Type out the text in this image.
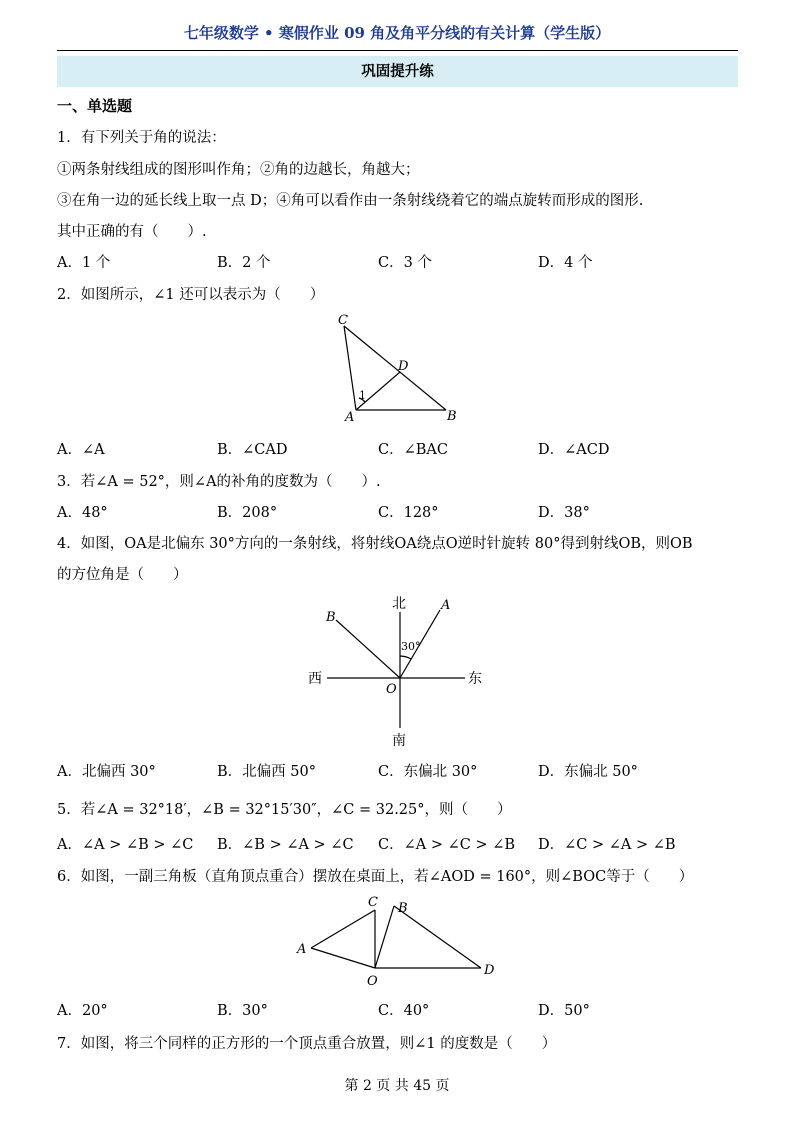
七年级数学 • 寒假作业 09 角及角平分线的有关计算（学生版）
巩固提升练
一、单选题
1．有下列关于角的说法：
①两条射线组成的图形叫作角；②角的边越长，角越大；
③在角一边的延长线上取一点 D；④角可以看作由一条射线绕着它的端点旋转而形成的图形.
其中正确的有（　　）.
A．1 个	B．2 个	C．3 个	D．4 个
2．如图所示，∠1 还可以表示为（　　）
C
D
A	B
1
A．∠A	B．∠CAD	C．∠BAC	D．∠ACD
3．若∠A = 52°，则∠A的补角的度数为（　　）.
A．48°	B．208°	C．128°	D．38°
4．如图，OA是北偏东 30°方向的一条射线，将射线OA绕点O逆时针旋转 80°得到射线OB，则OB
的方位角是（　　）
北
南
西	东
A
B
O
30°
A．北偏西 30°	B．北偏西 50°	C．东偏北 30°	D．东偏北 50°
5．若∠A = 32°18′，∠B = 32°15′30″，∠C = 32.25°，则（　　）
A．∠A > ∠B > ∠C B．∠B > ∠A > ∠C C．∠A > ∠C > ∠B D．∠C > ∠A > ∠B
6．如图，一副三角板（直角顶点重合）摆放在桌面上，若∠AOD = 160°，则∠BOC等于（　　）
C B
A
D
O
A．20°	B．30°	C．40°	D．50°
7．如图，将三个同样的正方形的一个顶点重合放置，则∠1 的度数是（　　）
第 2 页 共 45 页
